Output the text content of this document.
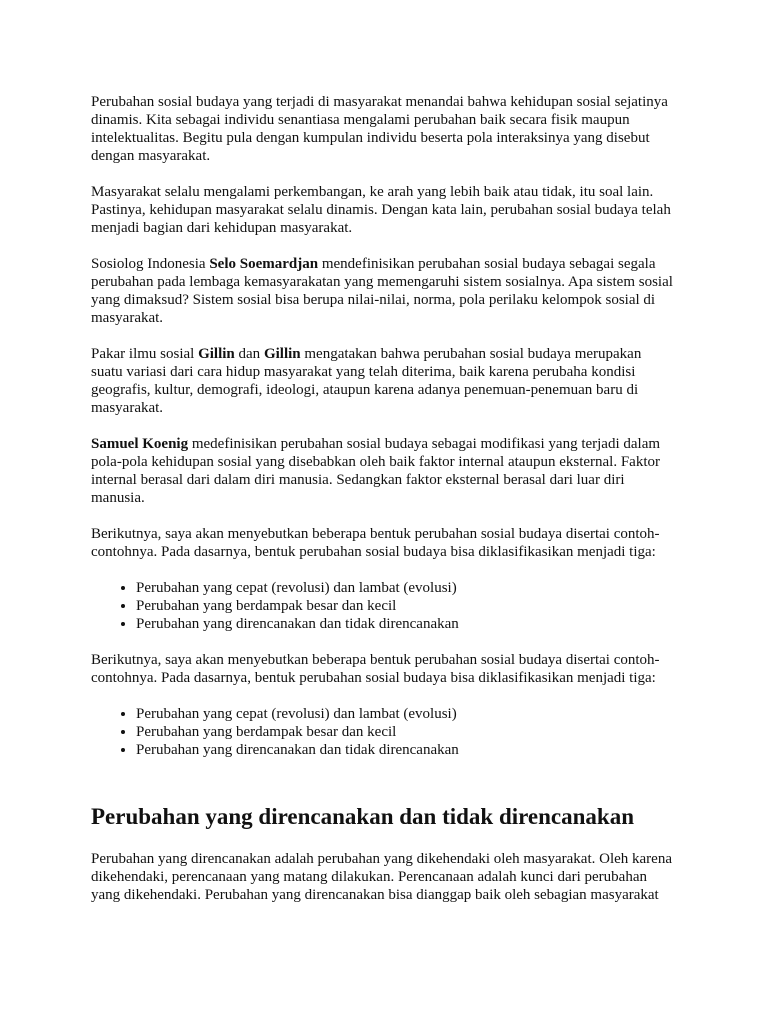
Perubahan sosial budaya yang terjadi di masyarakat menandai bahwa kehidupan sosial sejatinya dinamis. Kita sebagai individu senantiasa mengalami perubahan baik secara fisik maupun intelektualitas. Begitu pula dengan kumpulan individu beserta pola interaksinya yang disebut dengan masyarakat.

Masyarakat selalu mengalami perkembangan, ke arah yang lebih baik atau tidak, itu soal lain. Pastinya, kehidupan masyarakat selalu dinamis. Dengan kata lain, perubahan sosial budaya telah menjadi bagian dari kehidupan masyarakat.

Sosiolog Indonesia Selo Soemardjan mendefinisikan perubahan sosial budaya sebagai segala perubahan pada lembaga kemasyarakatan yang memengaruhi sistem sosialnya. Apa sistem sosial yang dimaksud? Sistem sosial bisa berupa nilai-nilai, norma, pola perilaku kelompok sosial di masyarakat.

Pakar ilmu sosial Gillin dan Gillin mengatakan bahwa perubahan sosial budaya merupakan suatu variasi dari cara hidup masyarakat yang telah diterima, baik karena perubaha kondisi geografis, kultur, demografi, ideologi, ataupun karena adanya penemuan-penemuan baru di masyarakat.

Samuel Koenig medefinisikan perubahan sosial budaya sebagai modifikasi yang terjadi dalam pola-pola kehidupan sosial yang disebabkan oleh baik faktor internal ataupun eksternal. Faktor internal berasal dari dalam diri manusia. Sedangkan faktor eksternal berasal dari luar diri manusia.

Berikutnya, saya akan menyebutkan beberapa bentuk perubahan sosial budaya disertai contoh-contohnya. Pada dasarnya, bentuk perubahan sosial budaya bisa diklasifikasikan menjadi tiga:

• Perubahan yang cepat (revolusi) dan lambat (evolusi)
• Perubahan yang berdampak besar dan kecil
• Perubahan yang direncanakan dan tidak direncanakan

Berikutnya, saya akan menyebutkan beberapa bentuk perubahan sosial budaya disertai contoh-contohnya. Pada dasarnya, bentuk perubahan sosial budaya bisa diklasifikasikan menjadi tiga:

• Perubahan yang cepat (revolusi) dan lambat (evolusi)
• Perubahan yang berdampak besar dan kecil
• Perubahan yang direncanakan dan tidak direncanakan
Perubahan yang direncanakan dan tidak direncanakan

Perubahan yang direncanakan adalah perubahan yang dikehendaki oleh masyarakat. Oleh karena dikehendaki, perencanaan yang matang dilakukan. Perencanaan adalah kunci dari perubahan yang dikehendaki. Perubahan yang direncanakan bisa dianggap baik oleh sebagian masyarakat
